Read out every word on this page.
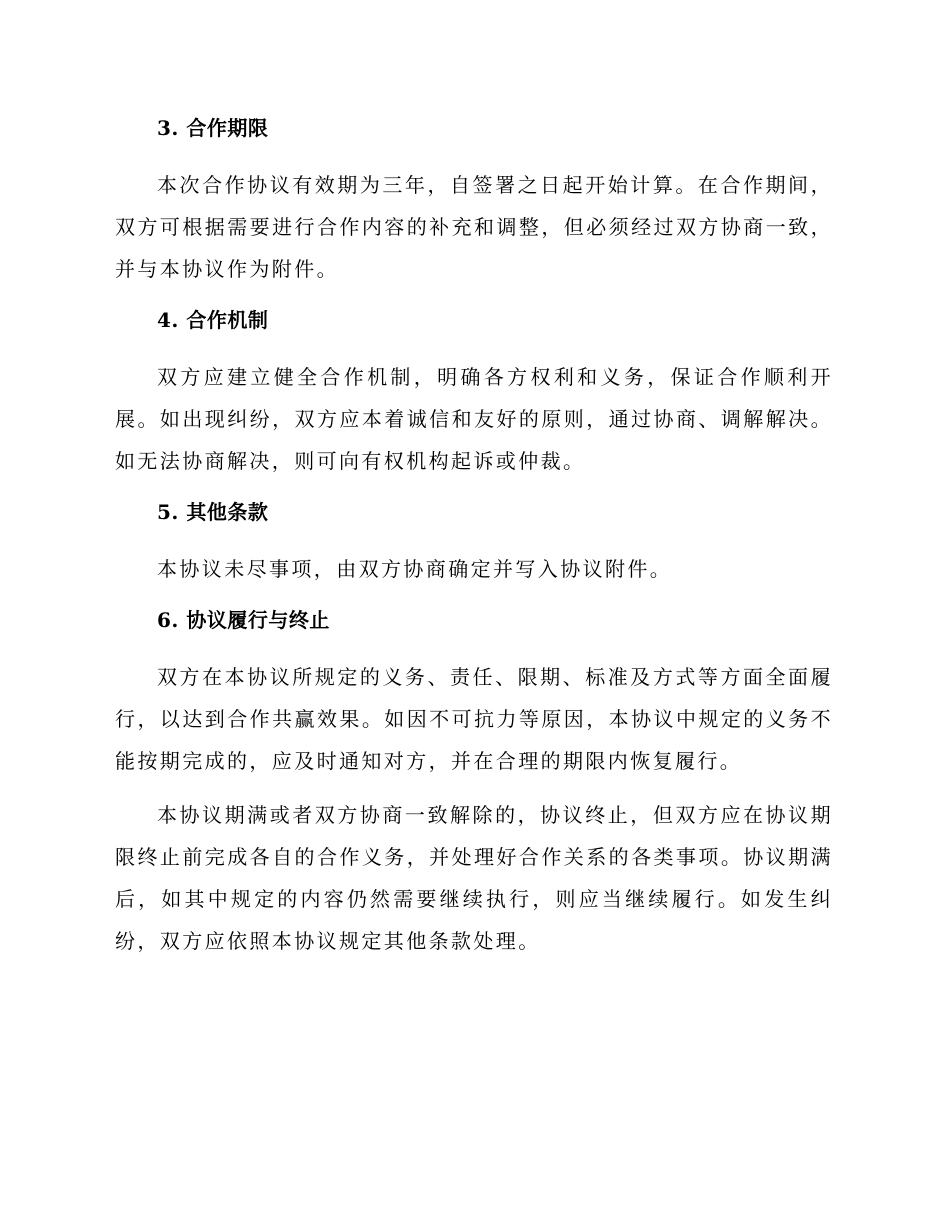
3. 合作期限

本次合作协议有效期为三年，自签署之日起开始计算。在合作期间，双方可根据需要进行合作内容的补充和调整，但必须经过双方协商一致，并与本协议作为附件。

4. 合作机制

双方应建立健全合作机制，明确各方权利和义务，保证合作顺利开展。如出现纠纷，双方应本着诚信和友好的原则，通过协商、调解解决。如无法协商解决，则可向有权机构起诉或仲裁。

5. 其他条款

本协议未尽事项，由双方协商确定并写入协议附件。

6. 协议履行与终止

双方在本协议所规定的义务、责任、限期、标准及方式等方面全面履行，以达到合作共赢效果。如因不可抗力等原因，本协议中规定的义务不能按期完成的，应及时通知对方，并在合理的期限内恢复履行。

本协议期满或者双方协商一致解除的，协议终止，但双方应在协议期限终止前完成各自的合作义务，并处理好合作关系的各类事项。协议期满后，如其中规定的内容仍然需要继续执行，则应当继续履行。如发生纠纷，双方应依照本协议规定其他条款处理。
